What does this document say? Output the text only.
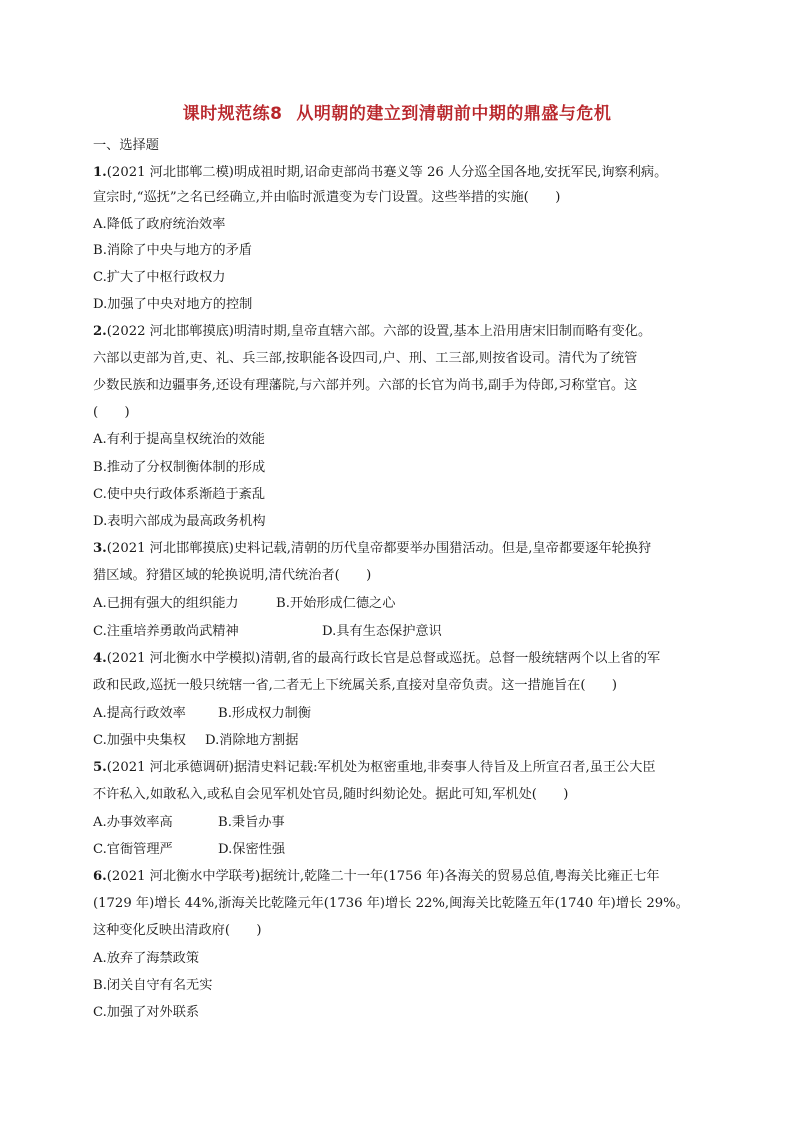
课时规范练8 从明朝的建立到清朝前中期的鼎盛与危机
一、选择题
1.(2021 河北邯郸二模)明成祖时期,诏命吏部尚书蹇义等 26 人分巡全国各地,安抚军民,询察利病。
宣宗时,“巡抚”之名已经确立,并由临时派遣变为专门设置。这些举措的实施(　　)
A.降低了政府统治效率
B.消除了中央与地方的矛盾
C.扩大了中枢行政权力
D.加强了中央对地方的控制
2.(2022 河北邯郸摸底)明清时期,皇帝直辖六部。六部的设置,基本上沿用唐宋旧制而略有变化。
六部以吏部为首,吏、礼、兵三部,按职能各设四司,户、刑、工三部,则按省设司。清代为了统管
少数民族和边疆事务,还设有理藩院,与六部并列。六部的长官为尚书,副手为侍郎,习称堂官。这
(　　)
A.有利于提高皇权统治的效能
B.推动了分权制衡体制的形成
C.使中央行政体系渐趋于紊乱
D.表明六部成为最高政务机构
3.(2021 河北邯郸摸底)史料记载,清朝的历代皇帝都要举办围猎活动。但是,皇帝都要逐年轮换狩
猎区域。狩猎区域的轮换说明,清代统治者(　　)
A.已拥有强大的组织能力	B.开始形成仁德之心
C.注重培养勇敢尚武精神	D.具有生态保护意识
4.(2021 河北衡水中学模拟)清朝,省的最高行政长官是总督或巡抚。总督一般统辖两个以上省的军
政和民政,巡抚一般只统辖一省,二者无上下统属关系,直接对皇帝负责。这一措施旨在(　　)
A.提高行政效率 B.形成权力制衡
C.加强中央集权 D.消除地方割据
5.(2021 河北承德调研)据清史料记载:军机处为枢密重地,非奏事人待旨及上所宣召者,虽王公大臣
不许私入,如敢私入,或私自会见军机处官员,随时纠劾论处。据此可知,军机处(　　)
A.办事效率高	B.秉旨办事
C.官衙管理严	D.保密性强
6.(2021 河北衡水中学联考)据统计,乾隆二十一年(1756 年)各海关的贸易总值,粤海关比雍正七年
(1729 年)增长 44%,浙海关比乾隆元年(1736 年)增长 22%,闽海关比乾隆五年(1740 年)增长 29%。
这种变化反映出清政府(　　)
A.放弃了海禁政策
B.闭关自守有名无实
C.加强了对外联系
